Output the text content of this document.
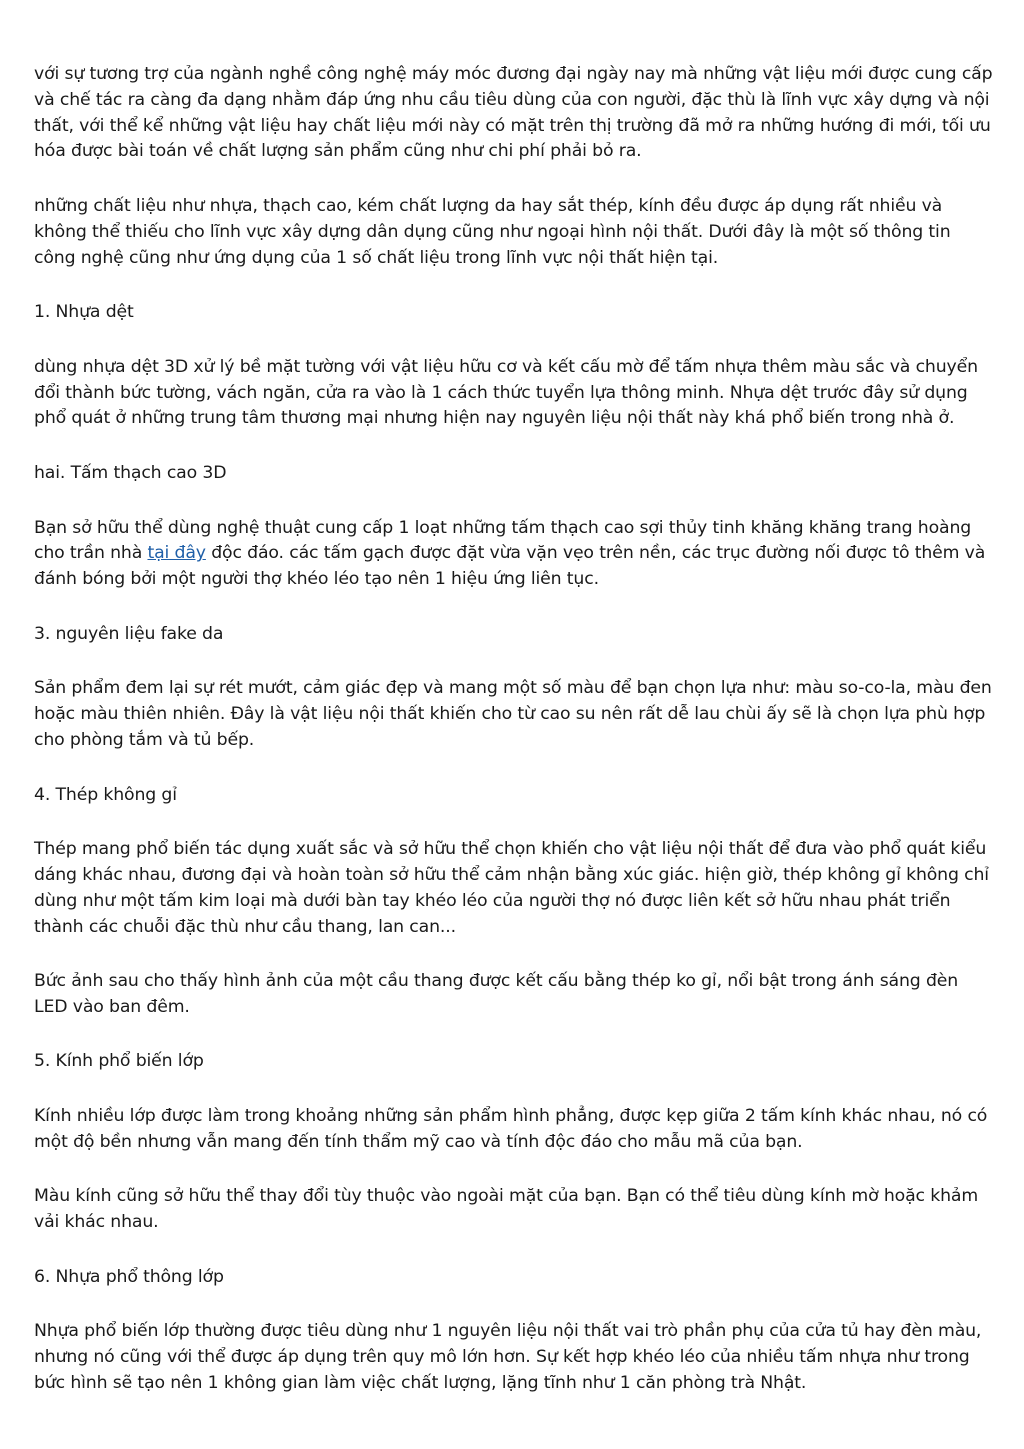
với sự tương trợ của ngành nghề công nghệ máy móc đương đại ngày nay mà những vật liệu mới được cung cấp và chế tác ra càng đa dạng nhằm đáp ứng nhu cầu tiêu dùng của con người, đặc thù là lĩnh vực xây dựng và nội thất, với thể kể những vật liệu hay chất liệu mới này có mặt trên thị trường đã mở ra những hướng đi mới, tối ưu hóa được bài toán về chất lượng sản phẩm cũng như chi phí phải bỏ ra.

những chất liệu như nhựa, thạch cao, kém chất lượng da hay sắt thép, kính đều được áp dụng rất nhiều và không thể thiếu cho lĩnh vực xây dựng dân dụng cũng như ngoại hình nội thất. Dưới đây là một số thông tin công nghệ cũng như ứng dụng của 1 số chất liệu trong lĩnh vực nội thất hiện tại.

1. Nhựa dệt

dùng nhựa dệt 3D xử lý bề mặt tường với vật liệu hữu cơ và kết cấu mờ để tấm nhựa thêm màu sắc và chuyển đổi thành bức tường, vách ngăn, cửa ra vào là 1 cách thức tuyển lựa thông minh. Nhựa dệt trước đây sử dụng phổ quát ở những trung tâm thương mại nhưng hiện nay nguyên liệu nội thất này khá phổ biến trong nhà ở.

hai. Tấm thạch cao 3D

Bạn sở hữu thể dùng nghệ thuật cung cấp 1 loạt những tấm thạch cao sợi thủy tinh khăng khăng trang hoàng cho trần nhà tại đây độc đáo. các tấm gạch được đặt vừa vặn vẹo trên nền, các trục đường nối được tô thêm và đánh bóng bởi một người thợ khéo léo tạo nên 1 hiệu ứng liên tục.

3. nguyên liệu fake da

Sản phẩm đem lại sự rét mướt, cảm giác đẹp và mang một số màu để bạn chọn lựa như: màu so-co-la, màu đen hoặc màu thiên nhiên. Đây là vật liệu nội thất khiến cho từ cao su nên rất dễ lau chùi ấy sẽ là chọn lựa phù hợp cho phòng tắm và tủ bếp.

4. Thép không gỉ

Thép mang phổ biến tác dụng xuất sắc và sở hữu thể chọn khiến cho vật liệu nội thất để đưa vào phổ quát kiểu dáng khác nhau, đương đại và hoàn toàn sở hữu thể cảm nhận bằng xúc giác. hiện giờ, thép không gỉ không chỉ dùng như một tấm kim loại mà dưới bàn tay khéo léo của người thợ nó được liên kết sở hữu nhau phát triển thành các chuỗi đặc thù như cầu thang, lan can...

Bức ảnh sau cho thấy hình ảnh của một cầu thang được kết cấu bằng thép ko gỉ, nổi bật trong ánh sáng đèn LED vào ban đêm.

5. Kính phổ biến lớp

Kính nhiều lớp được làm trong khoảng những sản phẩm hình phẳng, được kẹp giữa 2 tấm kính khác nhau, nó có một độ bền nhưng vẫn mang đến tính thẩm mỹ cao và tính độc đáo cho mẫu mã của bạn.

Màu kính cũng sở hữu thể thay đổi tùy thuộc vào ngoài mặt của bạn. Bạn có thể tiêu dùng kính mờ hoặc khảm vải khác nhau.

6. Nhựa phổ thông lớp

Nhựa phổ biến lớp thường được tiêu dùng như 1 nguyên liệu nội thất vai trò phần phụ của cửa tủ hay đèn màu, nhưng nó cũng với thể được áp dụng trên quy mô lớn hơn. Sự kết hợp khéo léo của nhiều tấm nhựa như trong bức hình sẽ tạo nên 1 không gian làm việc chất lượng, lặng tĩnh như 1 căn phòng trà Nhật.
